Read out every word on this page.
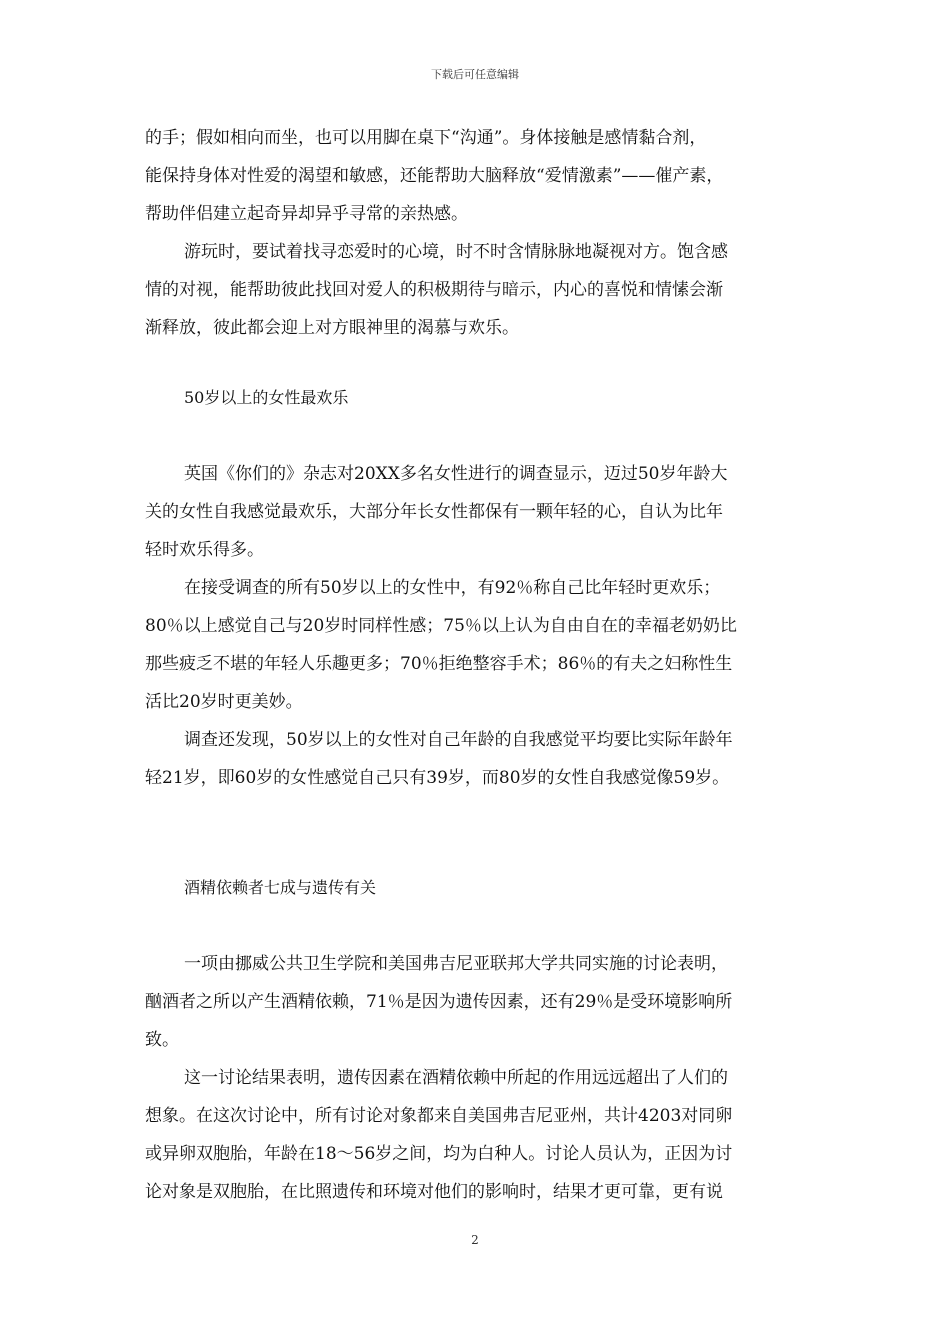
下载后可任意编辑
的手；假如相向而坐，也可以用脚在桌下“沟通”。身体接触是感情黏合剂，
能保持身体对性爱的渴望和敏感，还能帮助大脑释放“爱情激素”——催产素，
帮助伴侣建立起奇异却异乎寻常的亲热感。
游玩时，要试着找寻恋爱时的心境，时不时含情脉脉地凝视对方。饱含感
情的对视，能帮助彼此找回对爱人的积极期待与暗示，内心的喜悦和情愫会渐
渐释放，彼此都会迎上对方眼神里的渴慕与欢乐。
50岁以上的女性最欢乐
英国《你们的》杂志对20XX多名女性进行的调查显示，迈过50岁年龄大
关的女性自我感觉最欢乐，大部分年长女性都保有一颗年轻的心，自认为比年
轻时欢乐得多。
在接受调查的所有50岁以上的女性中，有92％称自己比年轻时更欢乐；
80％以上感觉自己与20岁时同样性感；75％以上认为自由自在的幸福老奶奶比
那些疲乏不堪的年轻人乐趣更多；70％拒绝整容手术；86％的有夫之妇称性生
活比20岁时更美妙。
调查还发现，50岁以上的女性对自己年龄的自我感觉平均要比实际年龄年
轻21岁，即60岁的女性感觉自己只有39岁，而80岁的女性自我感觉像59岁。
酒精依赖者七成与遗传有关
一项由挪威公共卫生学院和美国弗吉尼亚联邦大学共同实施的讨论表明，
酗酒者之所以产生酒精依赖，71％是因为遗传因素，还有29％是受环境影响所
致。
这一讨论结果表明，遗传因素在酒精依赖中所起的作用远远超出了人们的
想象。在这次讨论中，所有讨论对象都来自美国弗吉尼亚州，共计4203对同卵
或异卵双胞胎，年龄在18～56岁之间，均为白种人。讨论人员认为，正因为讨
论对象是双胞胎，在比照遗传和环境对他们的影响时，结果才更可靠，更有说
2
